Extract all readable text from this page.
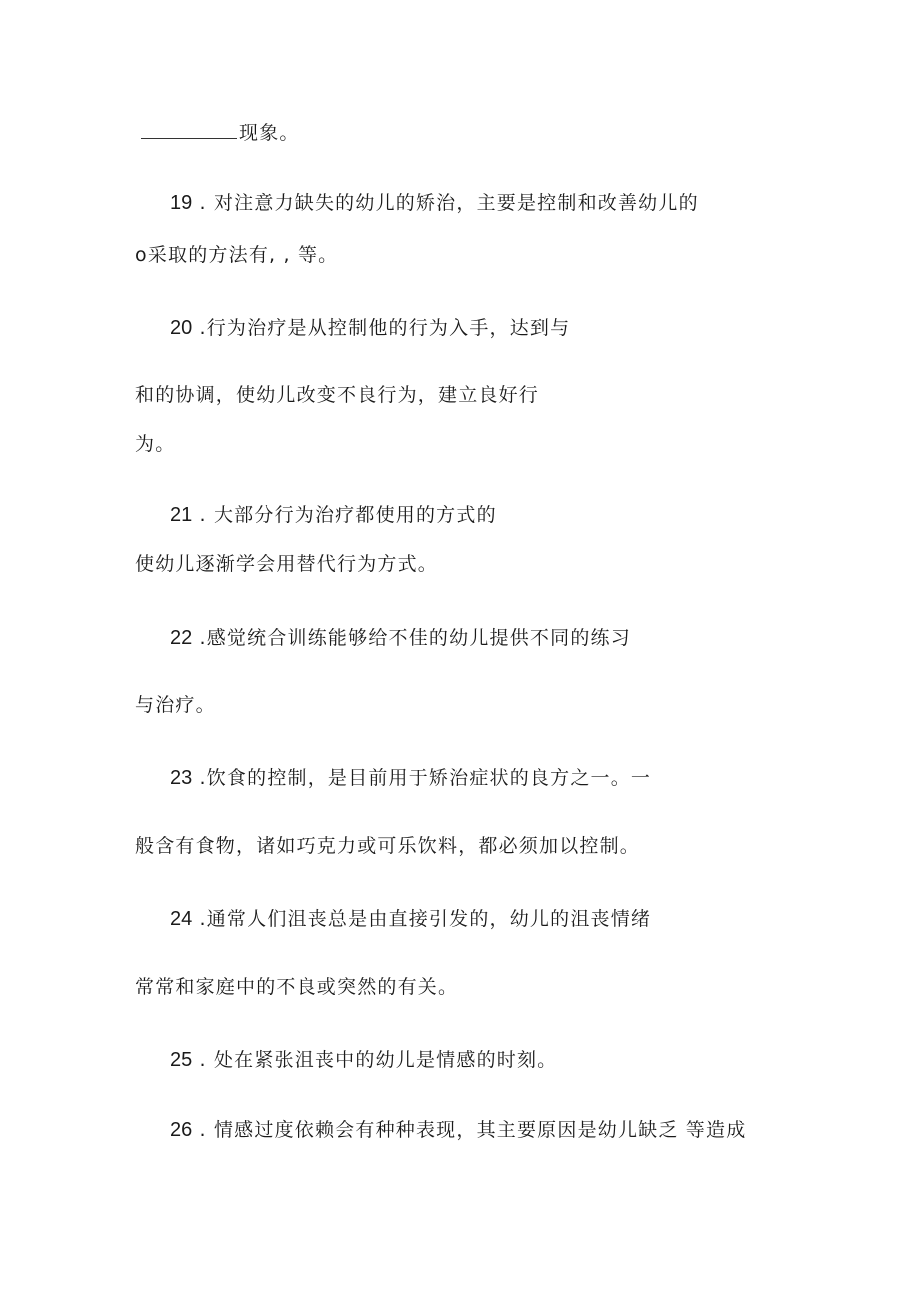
现象。
19 . 对注意力缺失的幼儿的矫治，主要是控制和改善幼儿的
o采取的方法有, , 等。
20 .行为治疗是从控制他的行为入手，达到与
和的协调，使幼儿改变不良行为，建立良好行
为。
21 . 大部分行为治疗都使用的方式的
使幼儿逐渐学会用替代行为方式。
22 .感觉统合训练能够给不佳的幼儿提供不同的练习
与治疗。
23 .饮食的控制，是目前用于矫治症状的良方之一。一
般含有食物，诸如巧克力或可乐饮料，都必须加以控制。
24 .通常人们沮丧总是由直接引发的，幼儿的沮丧情绪
常常和家庭中的不良或突然的有关。
25 . 处在紧张沮丧中的幼儿是情感的时刻。
26 . 情感过度依赖会有种种表现，其主要原因是幼儿缺乏 等造成
